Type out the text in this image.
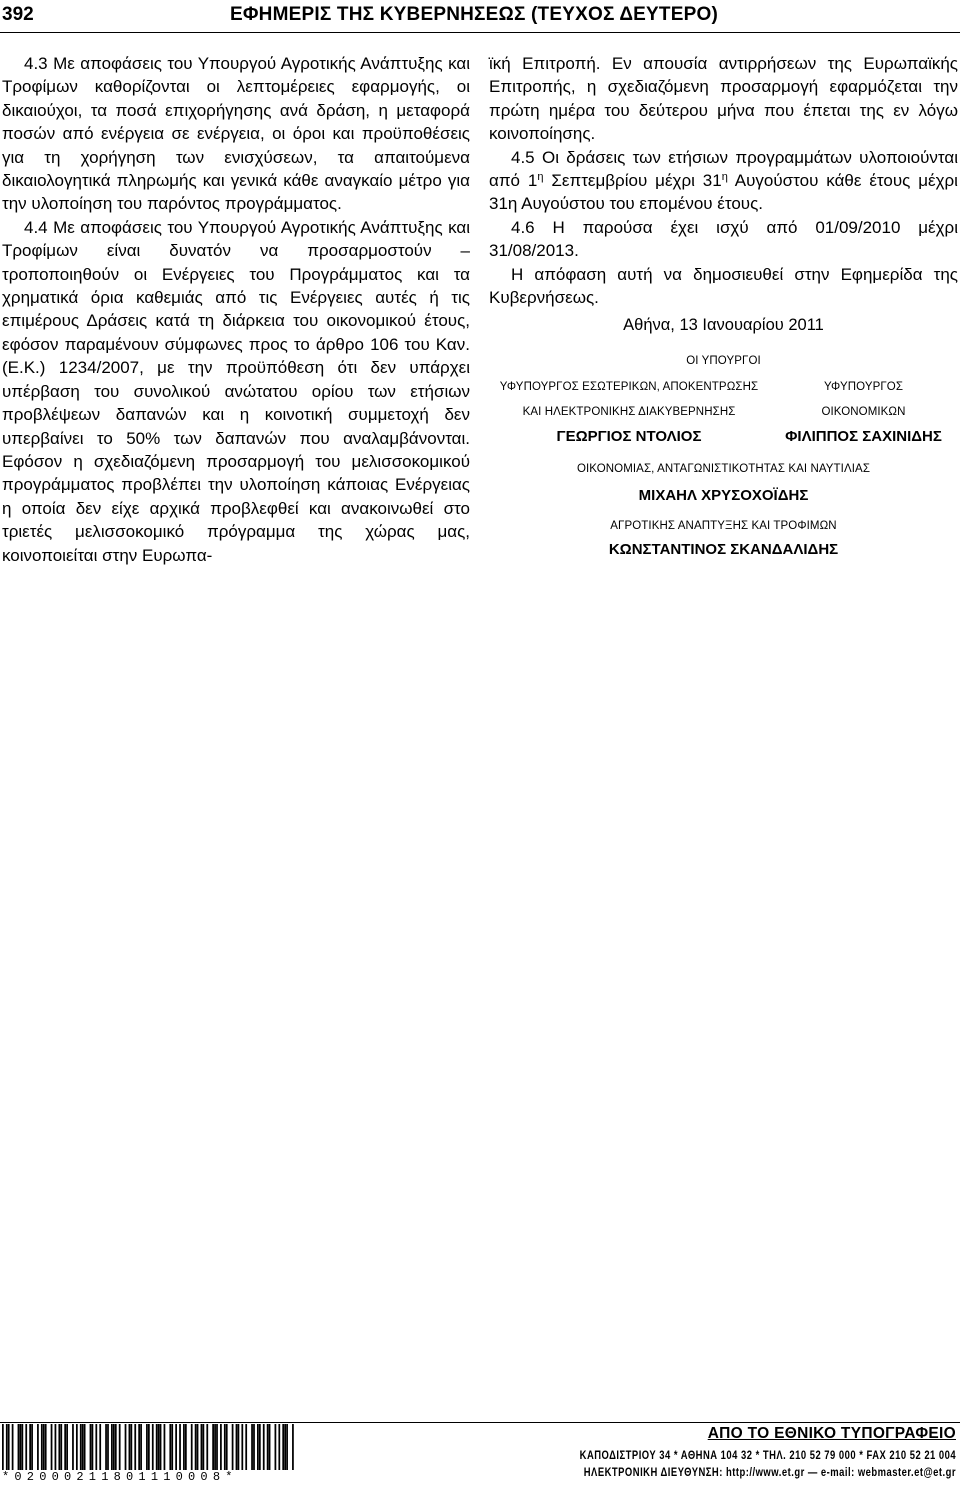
392	ΕΦΗΜΕΡΙΣ ΤΗΣ ΚΥΒΕΡΝΗΣΕΩΣ (ΤΕΥΧΟΣ ΔΕΥΤΕΡΟ)

4.3 Με αποφάσεις του Υπουργού Αγροτικής Ανάπτυξης και Τροφίμων καθορίζονται οι λεπτομέρειες εφαρμογής, οι δικαιούχοι, τα ποσά επιχορήγησης ανά δράση, η μεταφορά ποσών από ενέργεια σε ενέργεια, οι όροι και προϋποθέσεις για τη χορήγηση των ενισχύσεων, τα απαιτούμενα δικαιολογητικά πληρωμής και γενικά κάθε αναγκαίο μέτρο για την υλοποίηση του παρόντος προγράμματος.

4.4 Με αποφάσεις του Υπουργού Αγροτικής Ανάπτυξης και Τροφίμων είναι δυνατόν να προσαρμοστούν – τροποποιηθούν οι Ενέργειες του Προγράμματος και τα χρηματικά όρια καθεμιάς από τις Ενέργειες αυτές ή τις επιμέρους Δράσεις κατά τη διάρκεια του οικονομικού έτους, εφόσον παραμένουν σύμφωνες προς το άρθρο 106 του Καν. (Ε.Κ.) 1234/2007, με την προϋπόθεση ότι δεν υπάρχει υπέρβαση του συνολικού ανώτατου ορίου των ετήσιων προβλέψεων δαπανών και η κοινοτική συμμετοχή δεν υπερβαίνει το 50% των δαπανών που αναλαμβάνονται. Εφόσον η σχεδιαζόμενη προσαρμογή του μελισσοκομικού προγράμματος προβλέπει την υλοποίηση κάποιας Ενέργειας η οποία δεν είχε αρχικά προβλεφθεί και ανακοινωθεί στο τριετές μελισσοκομικό πρόγραμμα της χώρας μας, κοινοποιείται στην Ευρωπα-

ϊκή Επιτροπή. Εν απουσία αντιρρήσεων της Ευρωπαϊκής Επιτροπής, η σχεδιαζόμενη προσαρμογή εφαρμόζεται την πρώτη ημέρα του δεύτερου μήνα που έπεται της εν λόγω κοινοποίησης.

4.5 Οι δράσεις των ετήσιων προγραμμάτων υλοποιούνται από $1^\eta$ Σεπτεμβρίου μέχρι $31^\eta$ Αυγούστου κάθε έτους μέχρι 31η Αυγούστου του επομένου έτους.

4.6 Η παρούσα έχει ισχύ από 01/09/2010 μέχρι 31/08/2013.

Η απόφαση αυτή να δημοσιευθεί στην Εφημερίδα της Κυβερνήσεως.

Αθήνα, 13 Ιανουαρίου 2011
ΟΙ ΥΠΟΥΡΓΟΙ
ΥΦΥΠΟΥΡΓΟΣ ΕΣΩΤΕΡΙΚΩΝ, ΑΠΟΚΕΝΤΡΩΣΗΣ	ΥΦΥΠΟΥΡΓΟΣ
ΚΑΙ ΗΛΕΚΤΡΟΝΙΚΗΣ ΔΙΑΚΥΒΕΡΝΗΣΗΣ	ΟΙΚΟΝΟΜΙΚΩΝ
ΓΕΩΡΓΙΟΣ ΝΤΟΛΙΟΣ	ΦΙΛΙΠΠΟΣ ΣΑΧΙΝΙΔΗΣ
ΟΙΚΟΝΟΜΙΑΣ, ΑΝΤΑΓΩΝΙΣΤΙΚΟΤΗΤΑΣ ΚΑΙ ΝΑΥΤΙΛΙΑΣ
ΜΙΧΑΗΛ ΧΡΥΣΟΧΟΪΔΗΣ
ΑΓΡΟΤΙΚΗΣ ΑΝΑΠΤΥΞΗΣ ΚΑΙ ΤΡΟΦΙΜΩΝ
ΚΩΝΣΤΑΝΤΙΝΟΣ ΣΚΑΝΔΑΛΙΔΗΣ
*02000211801110008*
ΑΠΟ ΤΟ ΕΘΝΙΚΟ ΤΥΠΟΓΡΑΦΕΙΟ
ΚΑΠΟΔΙΣΤΡΙΟΥ 34 * ΑΘΗΝΑ 104 32 * ΤΗΛ. 210 52 79 000 * FAX 210 52 21 004
ΗΛΕΚΤΡΟΝΙΚΗ ΔΙΕΥΘΥΝΣΗ: http://www.et.gr — e-mail: webmaster.et@et.gr
